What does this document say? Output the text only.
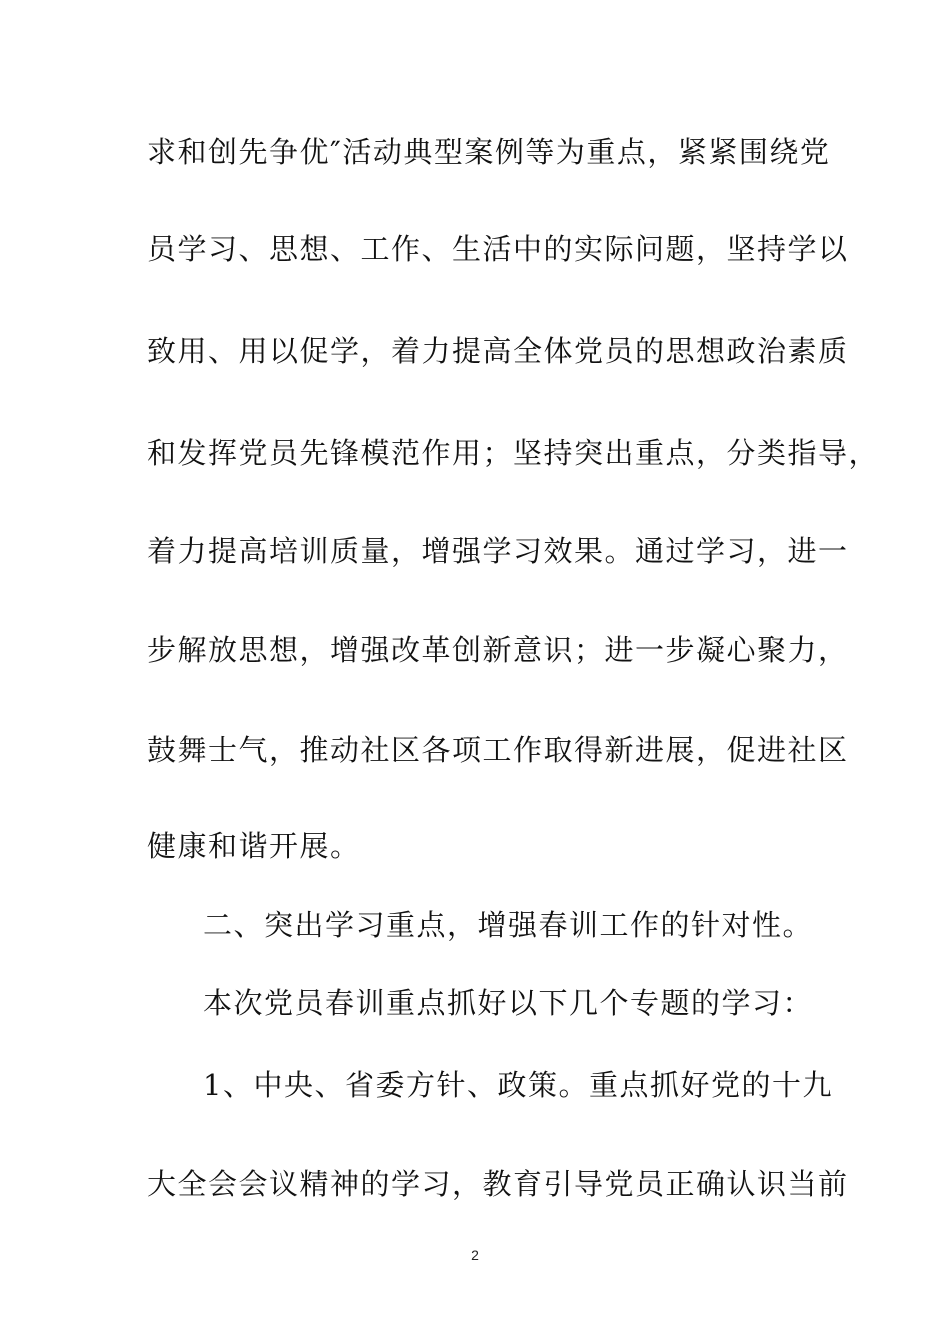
求和创先争优″活动典型案例等为重点，紧紧围绕党
员学习、思想、工作、生活中的实际问题，坚持学以
致用、用以促学，着力提高全体党员的思想政治素质
和发挥党员先锋模范作用；坚持突出重点，分类指导，
着力提高培训质量，增强学习效果。通过学习，进一
步解放思想，增强改革创新意识；进一步凝心聚力，
鼓舞士气，推动社区各项工作取得新进展，促进社区
健康和谐开展。
二、突出学习重点，增强春训工作的针对性。
本次党员春训重点抓好以下几个专题的学习：
1、中央、省委方针、政策。重点抓好党的十九
大全会会议精神的学习，教育引导党员正确认识当前
2
